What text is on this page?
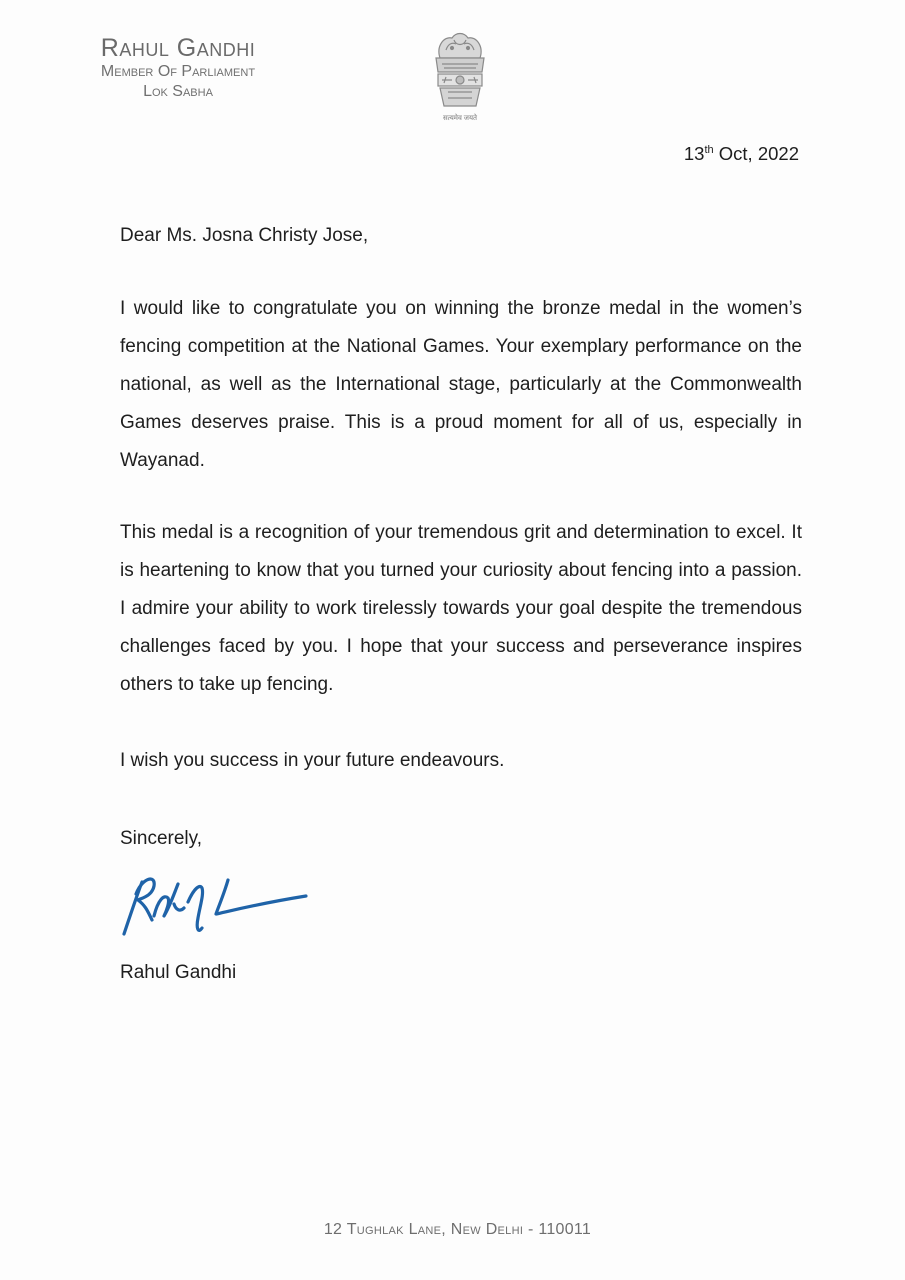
Rahul Gandhi
Member Of Parliament
Lok Sabha
सत्यमेव जयते
13th Oct, 2022
Dear Ms. Josna Christy Jose,
I would like to congratulate you on winning the bronze medal in the women’s fencing competition at the National Games. Your exemplary performance on the national, as well as the International stage, particularly at the Commonwealth Games deserves praise. This is a proud moment for all of us, especially in Wayanad.
This medal is a recognition of your tremendous grit and determination to excel. It is heartening to know that you turned your curiosity about fencing into a passion. I admire your ability to work tirelessly towards your goal despite the tremendous challenges faced by you. I hope that your success and perseverance inspires others to take up fencing.
I wish you success in your future endeavours.
Sincerely,
Rahul Gandhi
12 Tughlak Lane, New Delhi - 110011
